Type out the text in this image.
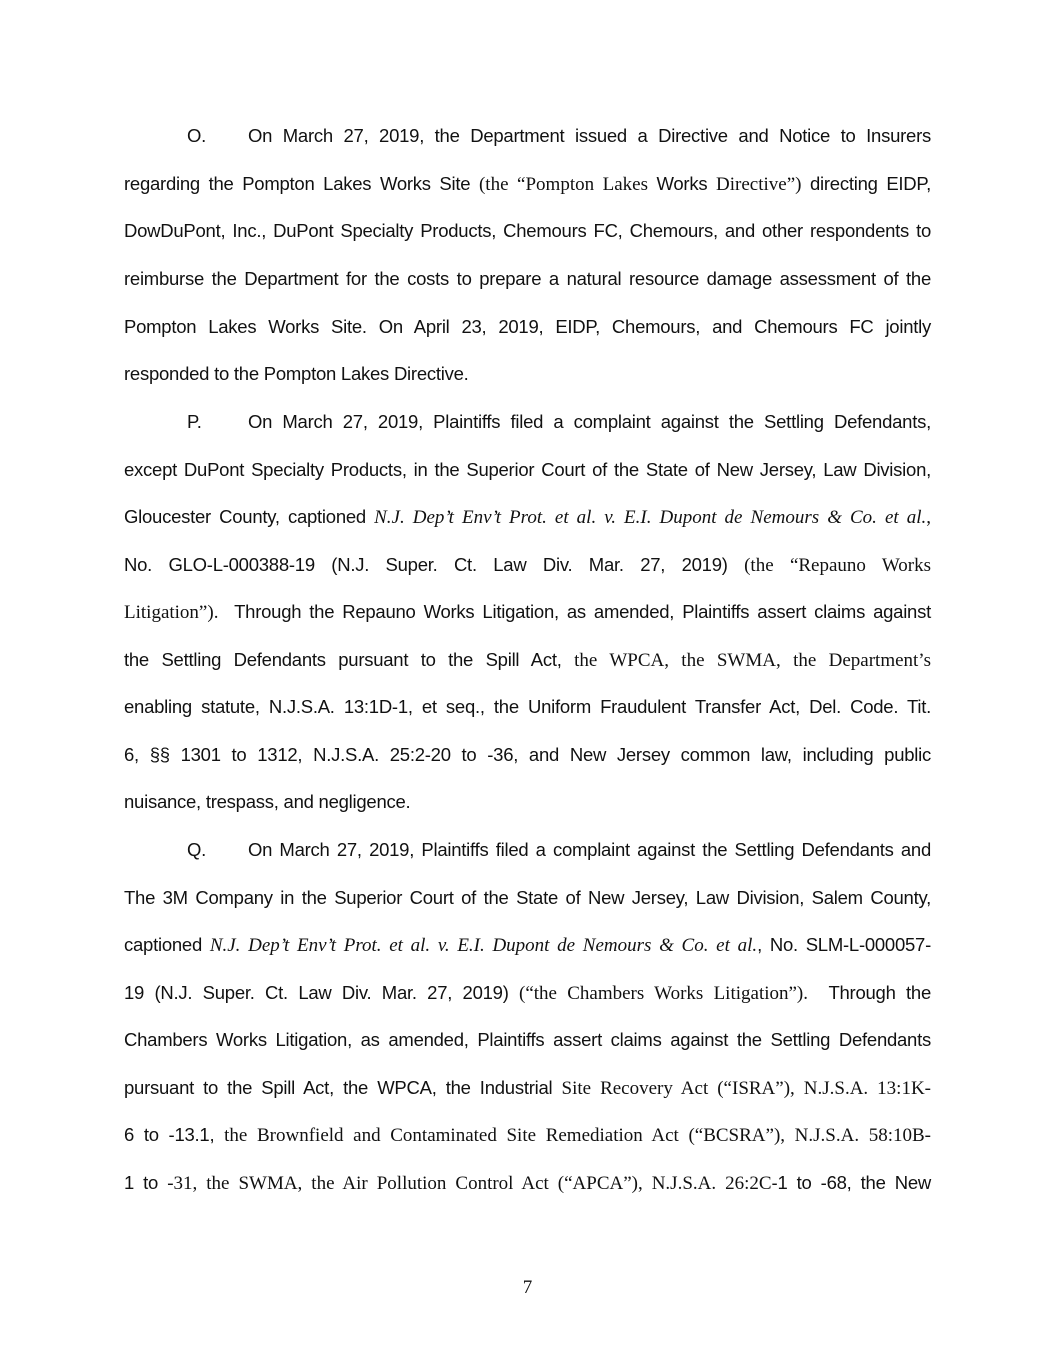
O. On March 27, 2019, the Department issued a Directive and Notice to Insurers
regarding the Pompton Lakes Works Site (the “Pompton Lakes Works Directive”) directing EIDP,
DowDuPont, Inc., DuPont Specialty Products, Chemours FC, Chemours, and other respondents to
reimburse the Department for the costs to prepare a natural resource damage assessment of the
Pompton Lakes Works Site. On April 23, 2019, EIDP, Chemours, and Chemours FC jointly
responded to the Pompton Lakes Directive.
P.	On March 27, 2019, Plaintiffs filed a complaint against the Settling Defendants,
except DuPont Specialty Products, in the Superior Court of the State of New Jersey, Law Division,
Gloucester County, captioned N.J. Dep’t Env’t Prot. et al. v. E.I. Dupont de Nemours & Co. et al.,
No. GLO-L-000388-19 (N.J. Super. Ct. Law Div. Mar. 27, 2019) (the “Repauno Works
Litigation”).  Through the Repauno Works Litigation, as amended, Plaintiffs assert claims against
the Settling Defendants pursuant to the Spill Act, the WPCA, the SWMA, the Department’s
enabling statute, N.J.S.A. 13:1D-1, et seq., the Uniform Fraudulent Transfer Act, Del. Code. Tit.
6, §§ 1301 to 1312, N.J.S.A. 25:2-20 to -36, and New Jersey common law, including public
nuisance, trespass, and negligence.
Q. On March 27, 2019, Plaintiffs filed a complaint against the Settling Defendants and
The 3M Company in the Superior Court of the State of New Jersey, Law Division, Salem County,
captioned N.J. Dep’t Env’t Prot. et al. v. E.I. Dupont de Nemours & Co. et al., No. SLM-L-000057-
19 (N.J. Super. Ct. Law Div. Mar. 27, 2019) (“the Chambers Works Litigation”).  Through the
Chambers Works Litigation, as amended, Plaintiffs assert claims against the Settling Defendants
pursuant to the Spill Act, the WPCA, the Industrial Site Recovery Act (“ISRA”), N.J.S.A. 13:1K-
6 to -13.1, the Brownfield and Contaminated Site Remediation Act (“BCSRA”), N.J.S.A. 58:10B-
1 to -31, the SWMA, the Air Pollution Control Act (“APCA”), N.J.S.A. 26:2C-1 to -68, the New
7
